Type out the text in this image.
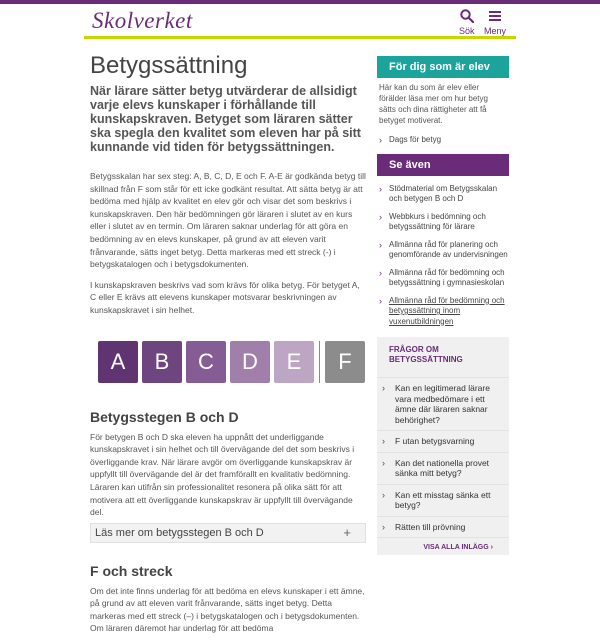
Skolverket	Sök Meny
Betygssättning
När lärare sätter betyg utvärderar de allsidigt varje elevs kunskaper i förhållande till kunskapskraven. Betyget som läraren sätter ska spegla den kvalitet som eleven har på sitt kunnande vid tiden för betygssättningen.

Betygsskalan har sex steg: A, B, C, D, E och F. A-E är godkända betyg till skillnad från F som står för ett icke godkänt resultat. Att sätta betyg är att bedöma med hjälp av kvalitet en elev gör och visar det som beskrivs i kunskapskraven. Den här bedömningen gör läraren i slutet av en kurs eller i slutet av en termin. Om läraren saknar underlag för att göra en bedömning av en elevs kunskaper, på grund av att eleven varit frånvarande, sätts inget betyg. Detta markeras med ett streck (-) i betygskatalogen och i betygsdokumenten.

I kunskapskraven beskrivs vad som krävs för olika betyg. För betyget A, C eller E krävs att elevens kunskaper motsvarar beskrivningen av kunskapskravet i sin helhet.

A	B	C	D	E	F
Betygsstegen B och D

För betygen B och D ska eleven ha uppnått det underliggande kunskapskravet i sin helhet och till övervägande del det som beskrivs i överliggande krav. När lärare avgör om överliggande kunskapskrav är uppfyllt till övervägande del är det framförallt en kvalitativ bedömning. Läraren kan utifrån sin professionalitet resonera på olika sätt för att motivera att ett överliggande kunskapskrav är uppfyllt till övervägande del.

Läs mer om betygsstegen B och D	+
F och streck

Om det inte finns underlag för att bedöma en elevs kunskaper i ett ämne, på grund av att eleven varit frånvarande, sätts inget betyg. Detta markeras med ett streck (–) i betygskatalogen och i betygsdokumenten. Om läraren däremot har underlag för att bedöma

För dig som är elev
Här kan du som är elev eller förälder läsa mer om hur betyg sätts och dina rättigheter att få betyget motiverat.
› Dags för betyg
Se även
› Stödmaterial om Betygsskalan och betygen B och D
› Webbkurs i bedömning och betygssättning för lärare
› Allmänna råd för planering och genomförande av undervisningen
› Allmänna råd för bedömning och betygssättning i gymnasieskolan
› Allmänna råd för bedömning och betygssättning inom vuxenutbildningen
FRÅGOR OM BETYGSSÄTTNING
› Kan en legitimerad lärare vara medbedömare i ett ämne där läraren saknar behörighet?
› F utan betygsvarning
› Kan det nationella provet sänka mitt betyg?
› Kan ett misstag sänka ett betyg?
› Rätten till prövning
VISA ALLA INLÄGG ›
